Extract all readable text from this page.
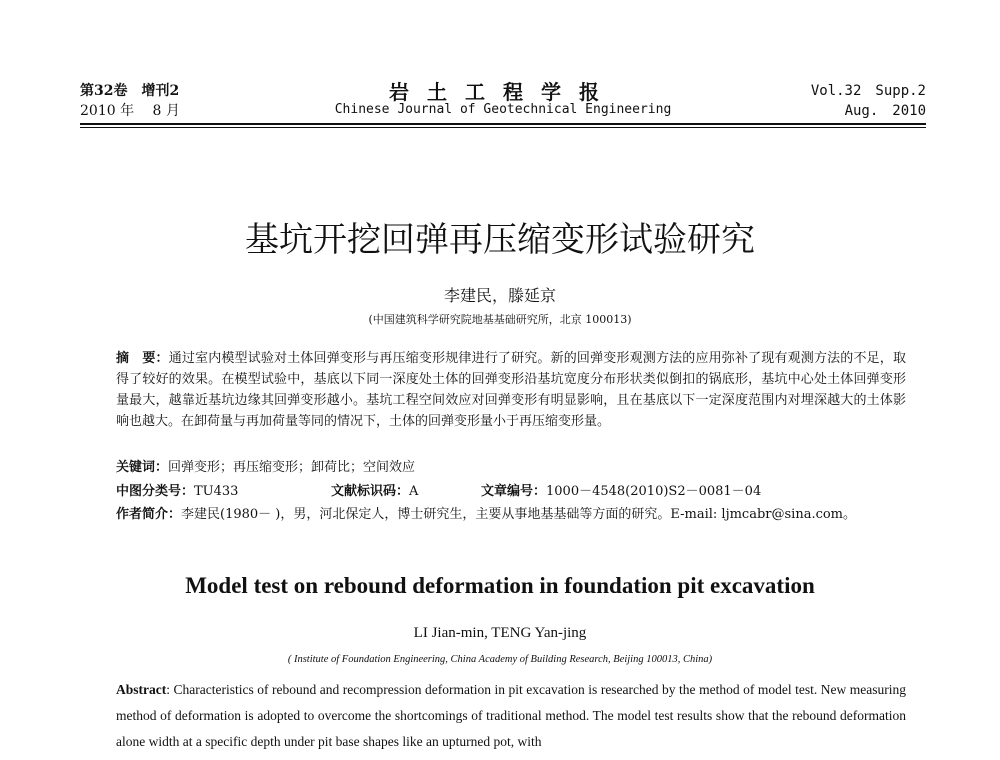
第32卷　增刊2
2010 年　 8 月
岩土工程学报
Chinese Journal of Geotechnical Engineering
Vol.32　Supp.2
Aug.　2010
基坑开挖回弹再压缩变形试验研究
李建民，滕延京
(中国建筑科学研究院地基基础研究所，北京 100013)
摘　要：通过室内模型试验对土体回弹变形与再压缩变形规律进行了研究。新的回弹变形观测方法的应用弥补了现有观测方法的不足，取得了较好的效果。在模型试验中，基底以下同一深度处土体的回弹变形沿基坑宽度分布形状类似倒扣的锅底形，基坑中心处土体回弹变形量最大，越靠近基坑边缘其回弹变形越小。基坑工程空间效应对回弹变形有明显影响，且在基底以下一定深度范围内对埋深越大的土体影响也越大。在卸荷量与再加荷量等同的情况下，土体的回弹变形量小于再压缩变形量。
关键词：回弹变形；再压缩变形；卸荷比；空间效应
中图分类号：TU433	文献标识码：A	文章编号：1000－4548(2010)S2－0081－04
作者简介：李建民(1980－ )，男，河北保定人，博士研究生，主要从事地基基础等方面的研究。E-mail: ljmcabr@sina.com。
Model test on rebound deformation in foundation pit excavation
LI Jian-min, TENG Yan-jing
( Institute of Foundation Engineering, China Academy of Building Research, Beijing 100013, China)
Abstract: Characteristics of rebound and recompression deformation in pit excavation is researched by the method of model test. New measuring method of deformation is adopted to overcome the shortcomings of traditional method. The model test results show that the rebound deformation alone width at a specific depth under pit base shapes like an upturned pot, with
